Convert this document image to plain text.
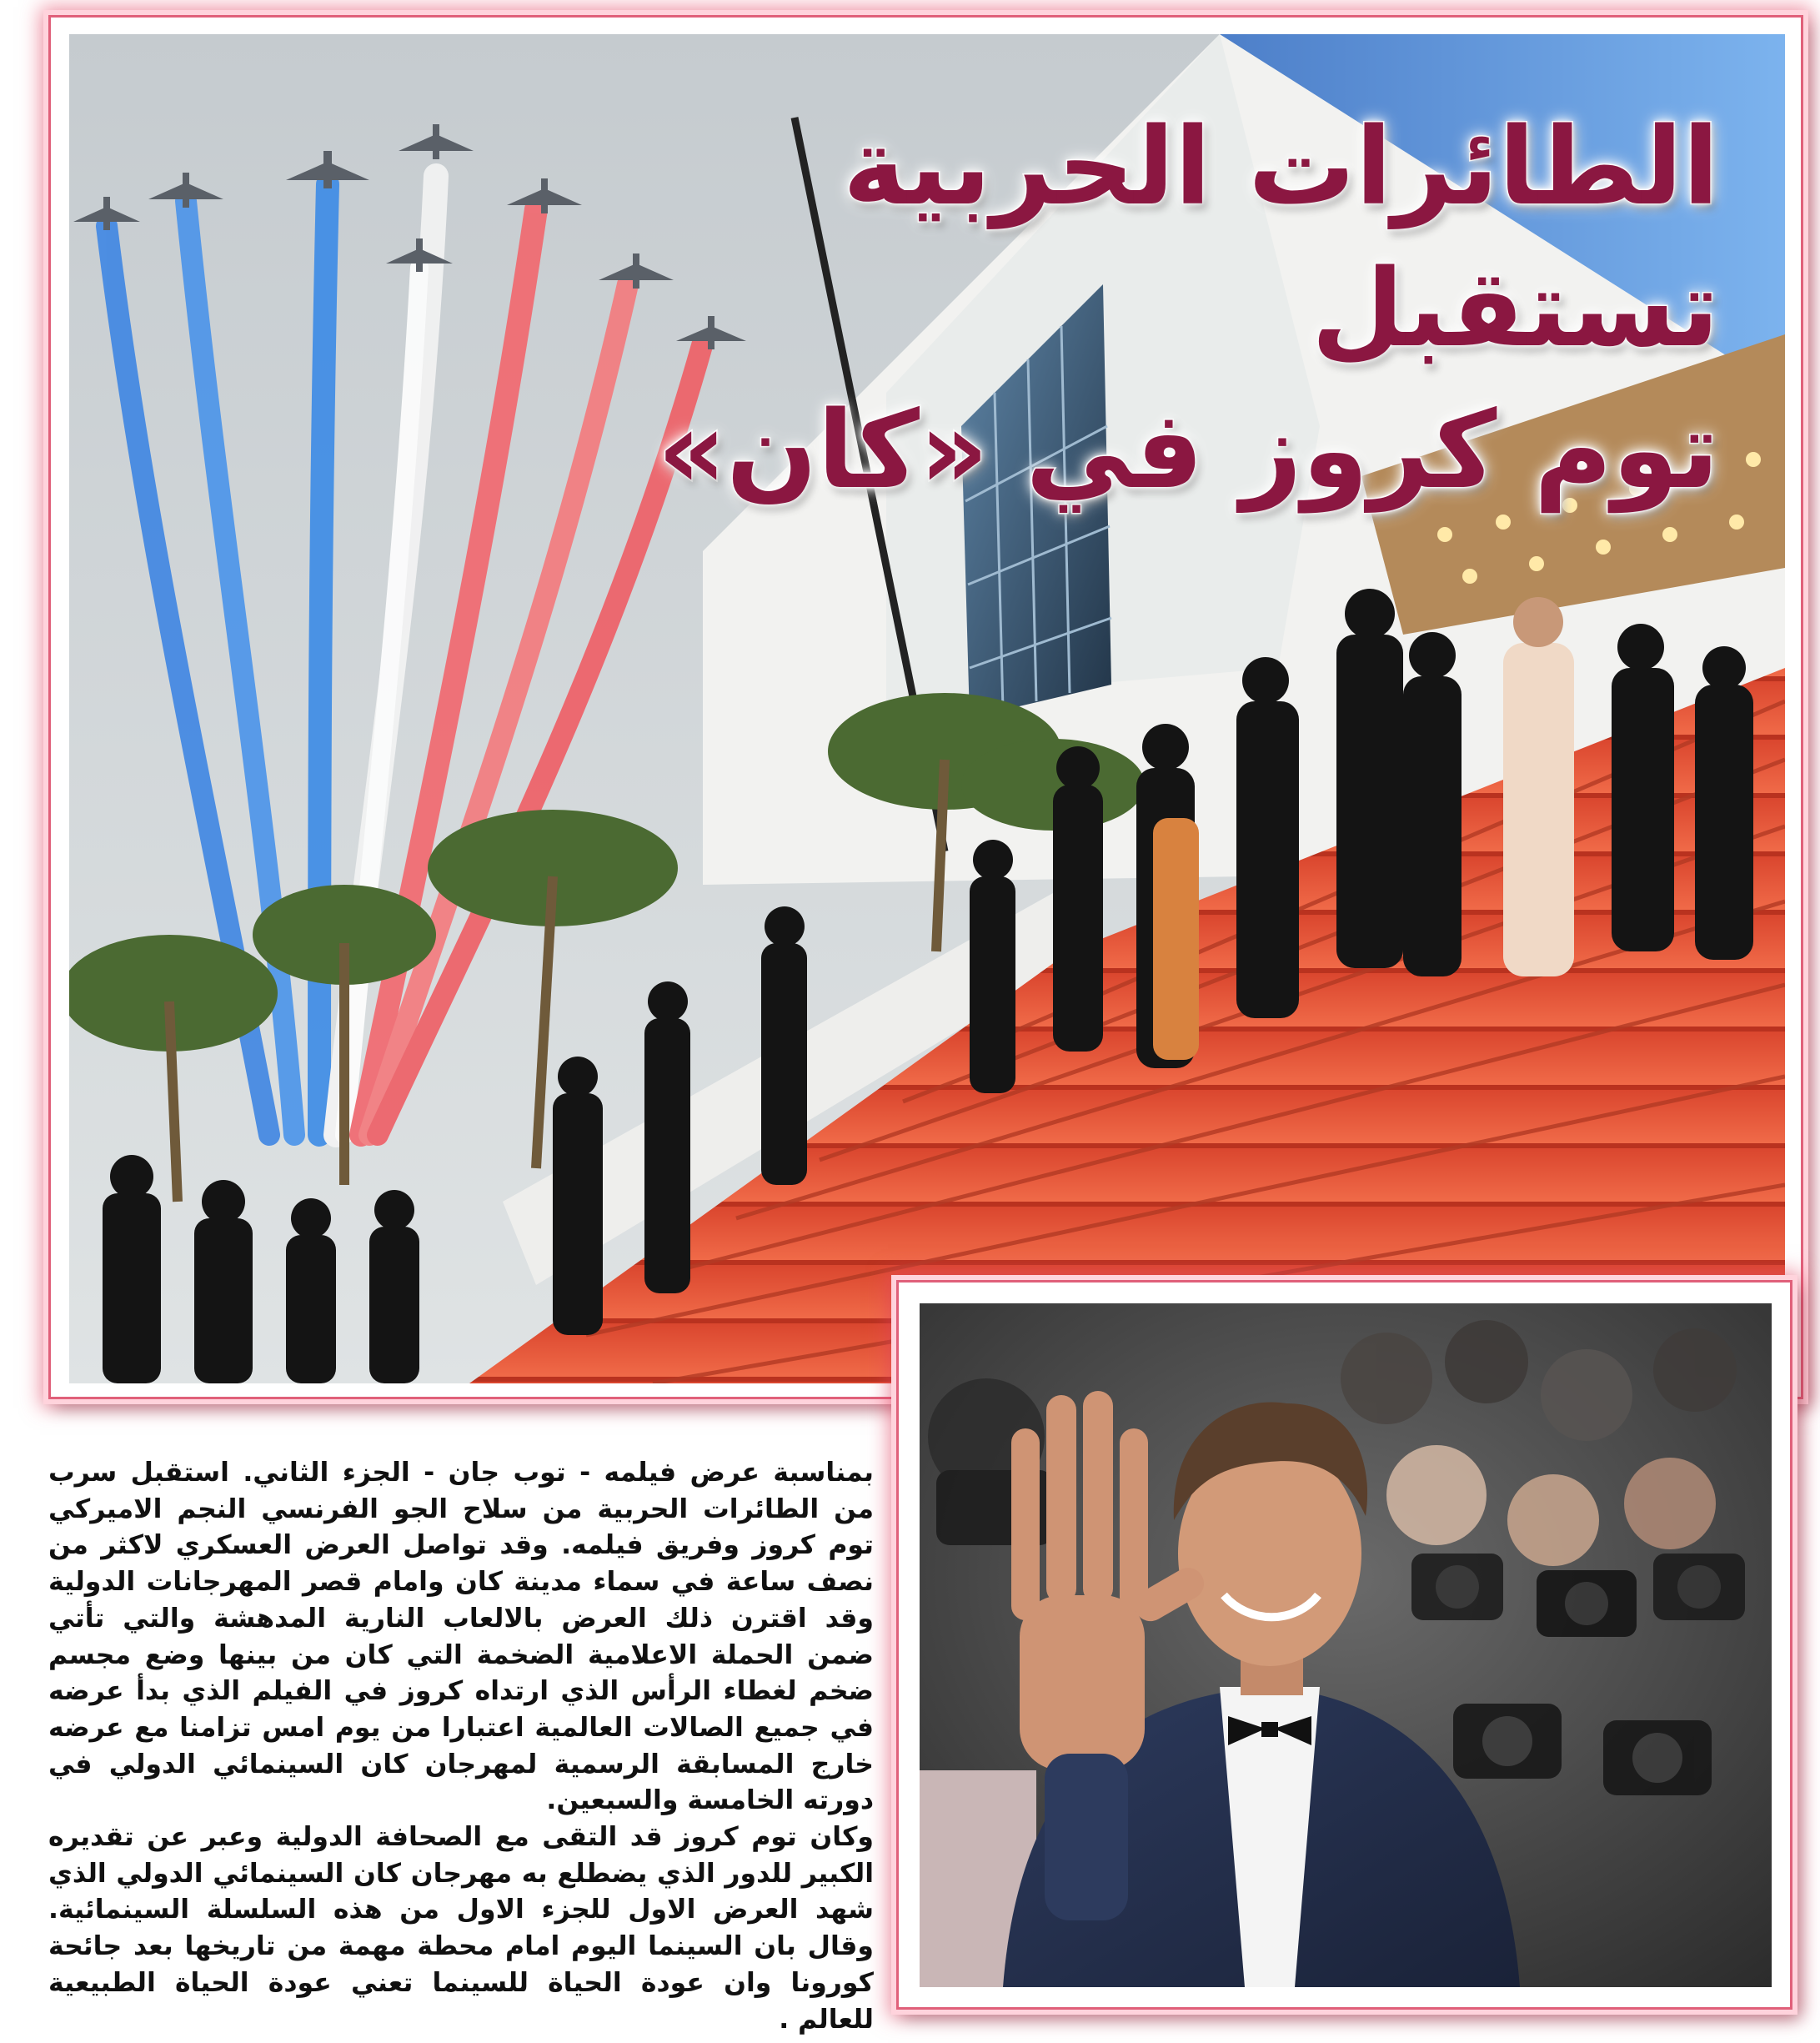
الطائرات الحربية تستقبل
توم كروز في «كان»

بمناسبة عرض فيلمه - توب جان - الجزء الثاني. استقبل سرب من الطائرات الحربية من سلاح الجو الفرنسي النجم الاميركي توم كروز وفريق فيلمه. وقد تواصل العرض العسكري لاكثر من نصف ساعة في سماء مدينة كان وامام قصر المهرجانات الدولية وقد اقترن ذلك العرض بالالعاب النارية المدهشة والتي تأتي ضمن الحملة الاعلامية الضخمة التي كان من بينها وضع مجسم ضخم لغطاء الرأس الذي ارتداه كروز في الفيلم الذي بدأ عرضه في جميع الصالات العالمية اعتبارا من يوم امس تزامنا مع عرضه خارج المسابقة الرسمية لمهرجان كان السينمائي الدولي في دورته الخامسة والسبعين.

وكان توم كروز قد التقى مع الصحافة الدولية وعبر عن تقديره الكبير للدور الذي يضطلع به مهرجان كان السينمائي الدولي الذي شهد العرض الاول للجزء الاول من هذه السلسلة السينمائية. وقال بان السينما اليوم امام محطة مهمة من تاريخها بعد جائحة كورونا وان عودة الحياة للسينما تعني عودة الحياة الطبيعية للعالم .
